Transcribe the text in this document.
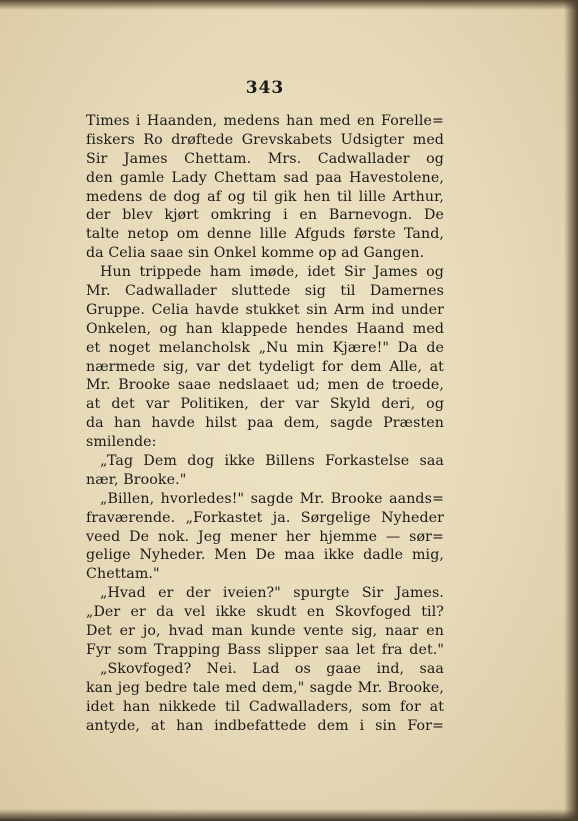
343
Times i Haanden, medens han med en Forelle=
fiskers Ro drøftede Grevskabets Udsigter med
Sir James Chettam. Mrs. Cadwallader og
den gamle Lady Chettam sad paa Havestolene,
medens de dog af og til gik hen til lille Arthur,
der blev kjørt omkring i en Barnevogn. De
talte netop om denne lille Afguds første Tand,
da Celia saae sin Onkel komme op ad Gangen.
Hun trippede ham imøde, idet Sir James og
Mr. Cadwallader sluttede sig til Damernes
Gruppe. Celia havde stukket sin Arm ind under
Onkelen, og han klappede hendes Haand med
et noget melancholsk „Nu min Kjære!" Da de
nærmede sig, var det tydeligt for dem Alle, at
Mr. Brooke saae nedslaaet ud; men de troede,
at det var Politiken, der var Skyld deri, og
da han havde hilst paa dem, sagde Præsten
smilende:
„Tag Dem dog ikke Billens Forkastelse saa
nær, Brooke."
„Billen, hvorledes!" sagde Mr. Brooke aands=
fraværende. „Forkastet ja. Sørgelige Nyheder
veed De nok. Jeg mener her hjemme — sør=
gelige Nyheder. Men De maa ikke dadle mig,
Chettam."
„Hvad er der iveien?" spurgte Sir James.
„Der er da vel ikke skudt en Skovfoged til?
Det er jo, hvad man kunde vente sig, naar en
Fyr som Trapping Bass slipper saa let fra det."
„Skovfoged? Nei. Lad os gaae ind, saa
kan jeg bedre tale med dem," sagde Mr. Brooke,
idet han nikkede til Cadwalladers, som for at
antyde, at han indbefattede dem i sin For=
